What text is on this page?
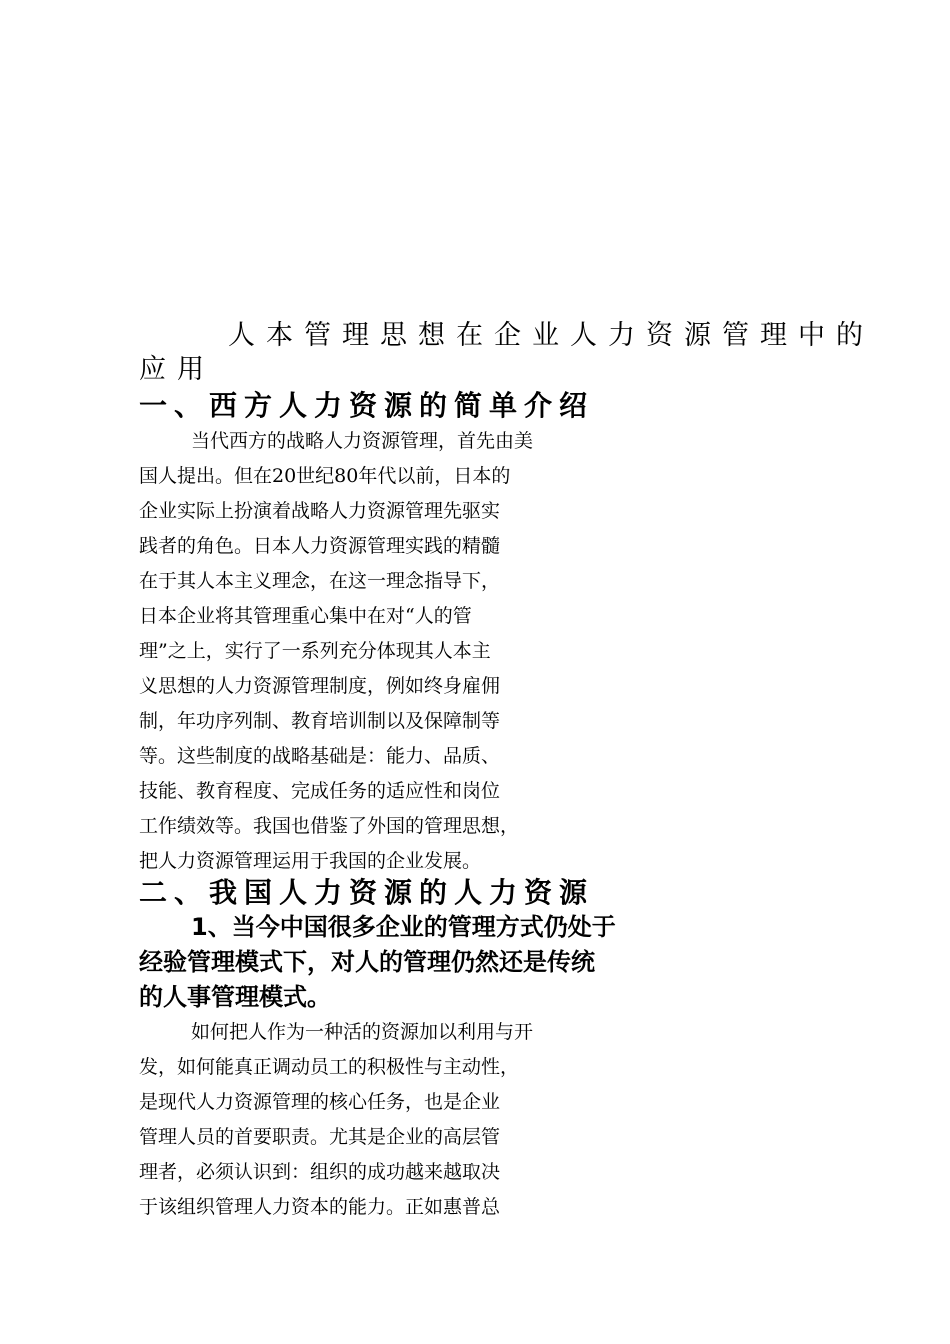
人本管理思想在企业人力资源管理中的
应用
一、西方人力资源的简单介绍
当代西方的战略人力资源管理，首先由美
国人提出。但在20世纪80年代以前，日本的
企业实际上扮演着战略人力资源管理先驱实
践者的角色。日本人力资源管理实践的精髓
在于其人本主义理念，在这一理念指导下，
日本企业将其管理重心集中在对“人的管
理”之上，实行了一系列充分体现其人本主
义思想的人力资源管理制度，例如终身雇佣
制，年功序列制、教育培训制以及保障制等
等。这些制度的战略基础是：能力、品质、
技能、教育程度、完成任务的适应性和岗位
工作绩效等。我国也借鉴了外国的管理思想，
把人力资源管理运用于我国的企业发展。
二、我国人力资源的人力资源
1、当今中国很多企业的管理方式仍处于
经验管理模式下，对人的管理仍然还是传统
的人事管理模式。
如何把人作为一种活的资源加以利用与开
发，如何能真正调动员工的积极性与主动性，
是现代人力资源管理的核心任务，也是企业
管理人员的首要职责。尤其是企业的高层管
理者，必须认识到：组织的成功越来越取决
于该组织管理人力资本的能力。正如惠普总
